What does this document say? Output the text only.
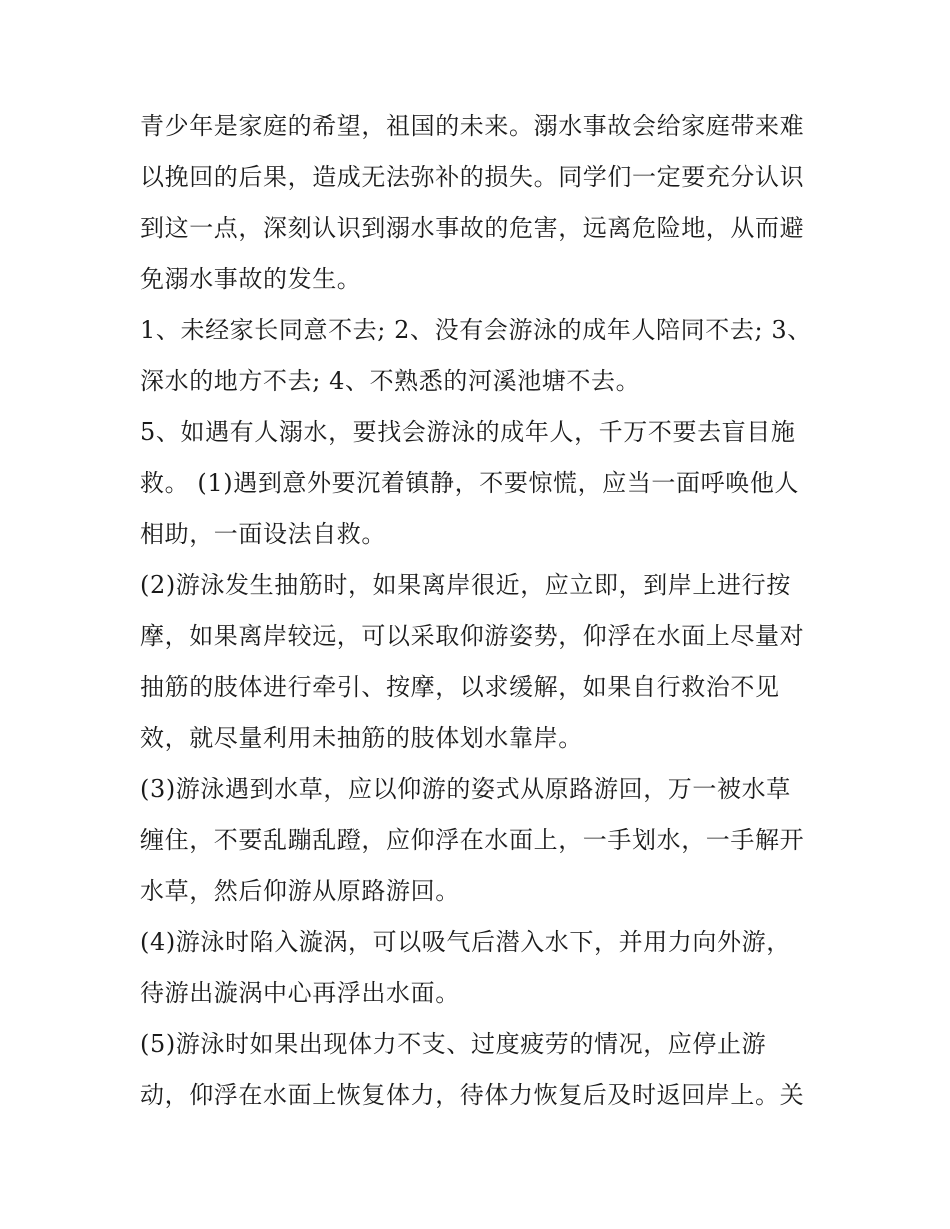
青少年是家庭的希望，祖国的未来。溺水事故会给家庭带来难
以挽回的后果，造成无法弥补的损失。同学们一定要充分认识
到这一点，深刻认识到溺水事故的危害，远离危险地，从而避
免溺水事故的发生。
1、未经家长同意不去; 2、没有会游泳的成年人陪同不去; 3、
深水的地方不去; 4、不熟悉的河溪池塘不去。
5、如遇有人溺水，要找会游泳的成年人，千万不要去盲目施
救。 (1)遇到意外要沉着镇静，不要惊慌，应当一面呼唤他人
相助，一面设法自救。
(2)游泳发生抽筋时，如果离岸很近，应立即，到岸上进行按
摩，如果离岸较远，可以采取仰游姿势，仰浮在水面上尽量对
抽筋的肢体进行牵引、按摩，以求缓解，如果自行救治不见
效，就尽量利用未抽筋的肢体划水靠岸。
(3)游泳遇到水草，应以仰游的姿式从原路游回，万一被水草
缠住，不要乱蹦乱蹬，应仰浮在水面上，一手划水，一手解开
水草，然后仰游从原路游回。
(4)游泳时陷入漩涡，可以吸气后潜入水下，并用力向外游，
待游出漩涡中心再浮出水面。
(5)游泳时如果出现体力不支、过度疲劳的情况，应停止游
动，仰浮在水面上恢复体力，待体力恢复后及时返回岸上。关
